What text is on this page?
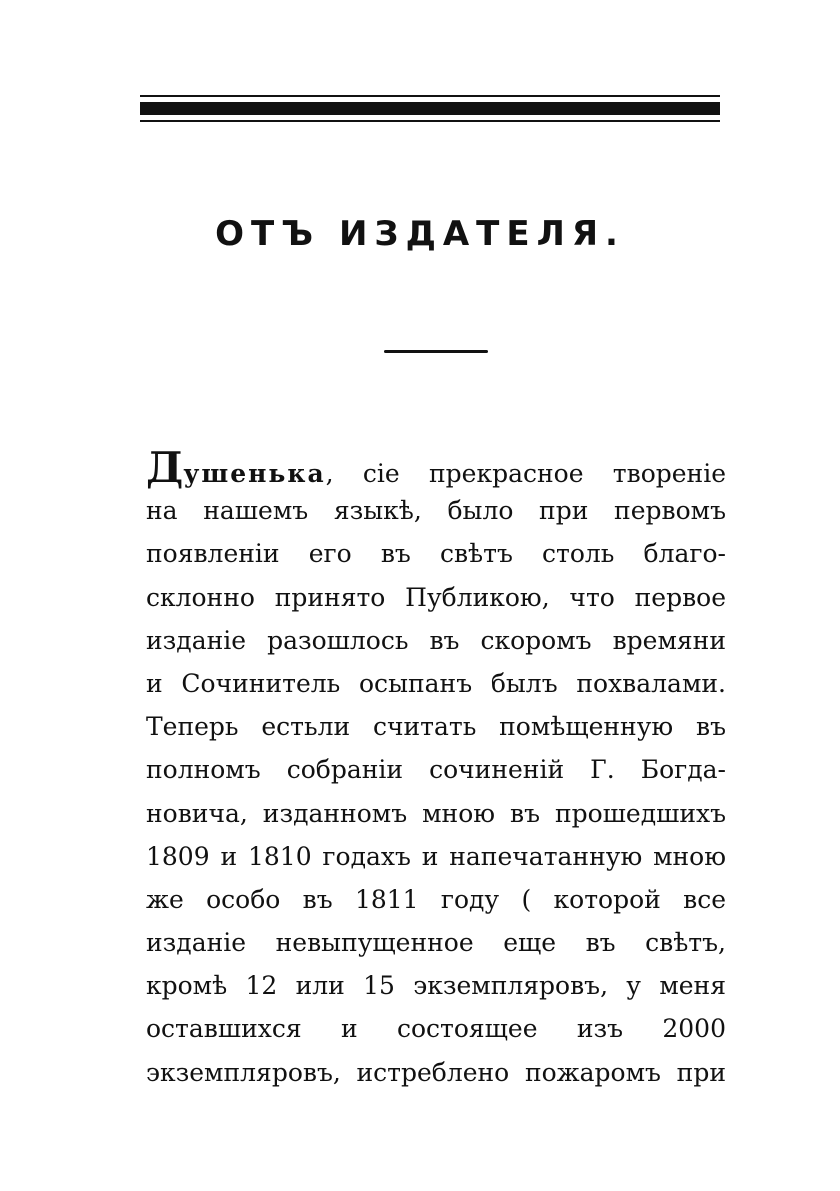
ОТЪ ИЗДАТЕЛЯ.
Душенька, сіе прекрасное твореніе
на нашемъ языкѣ, было при первомъ
появленіи его въ свѣтъ столь благо-
склонно принято Публикою, что первое
изданіе разошлось въ скоромъ времяни
и Сочинитель осыпанъ былъ похвалами.
Теперь естьли считать помѣщенную въ
полномъ собраніи сочиненій Г. Богда-
новича, изданномъ мною въ прошедшихъ
1809 и 1810 годахъ и напечатанную мною
же особо въ 1811 году ( которой все
изданіе невыпущенное еще въ свѣтъ,
кромѣ 12 или 15 экземпляровъ, у меня
оставшихся и состоящее изъ 2000
экземпляровъ, истреблено пожаромъ при
